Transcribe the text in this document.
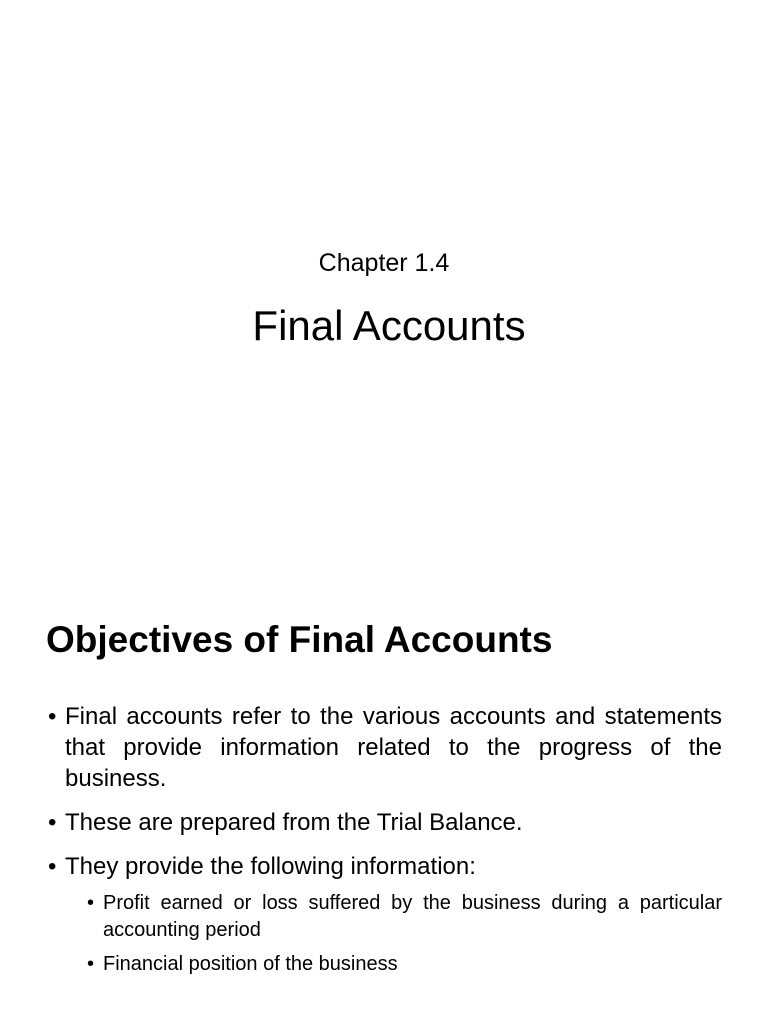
Chapter 1.4
Final Accounts
Objectives of Final Accounts
• Final accounts refer to the various accounts and statements that provide information related to the progress of the business.
• These are prepared from the Trial Balance.
• They provide the following information:
• Profit earned or loss suffered by the business during a particular accounting period
• Financial position of the business
